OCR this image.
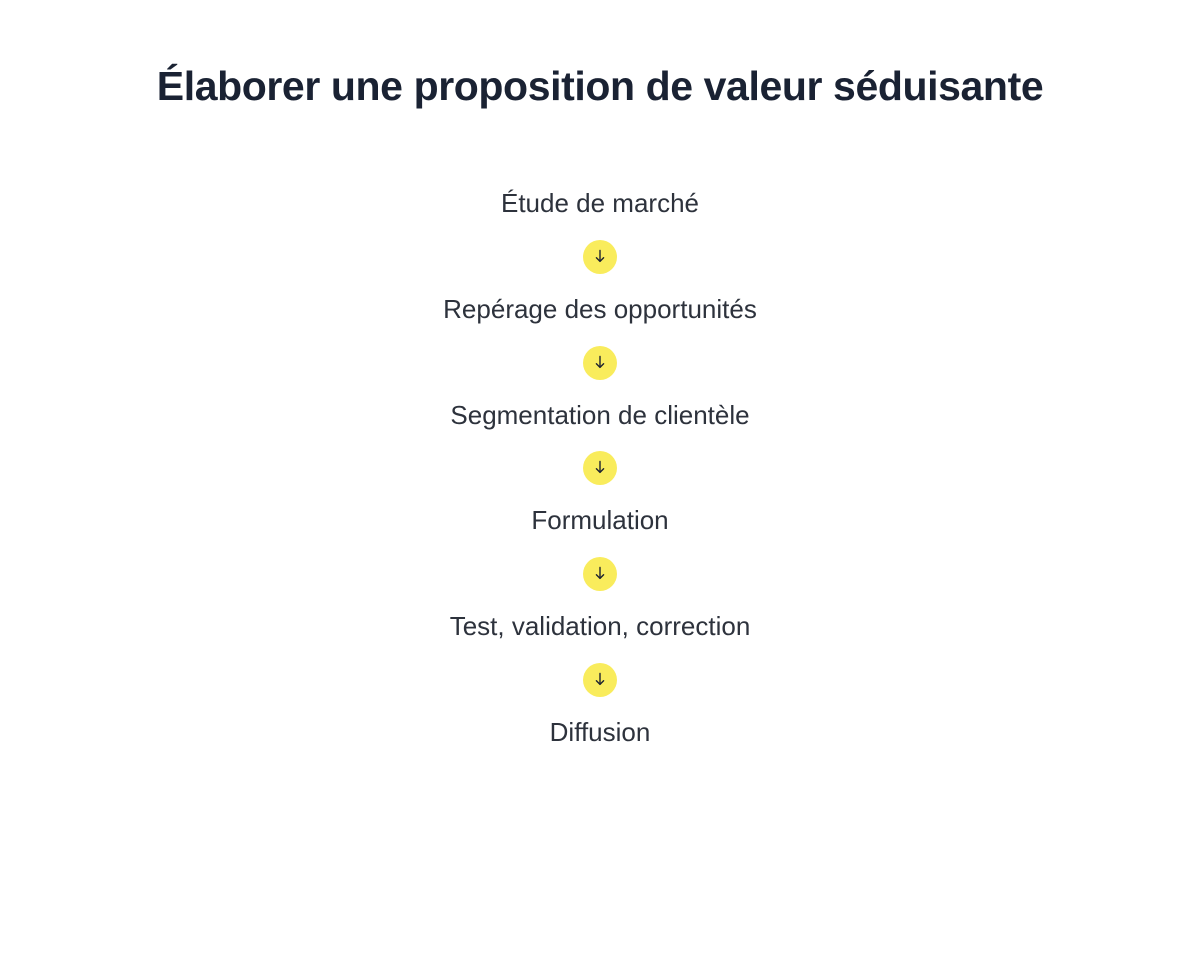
Élaborer une proposition de valeur séduisante
Étude de marché
Repérage des opportunités
Segmentation de clientèle
Formulation
Test, validation, correction
Diffusion
